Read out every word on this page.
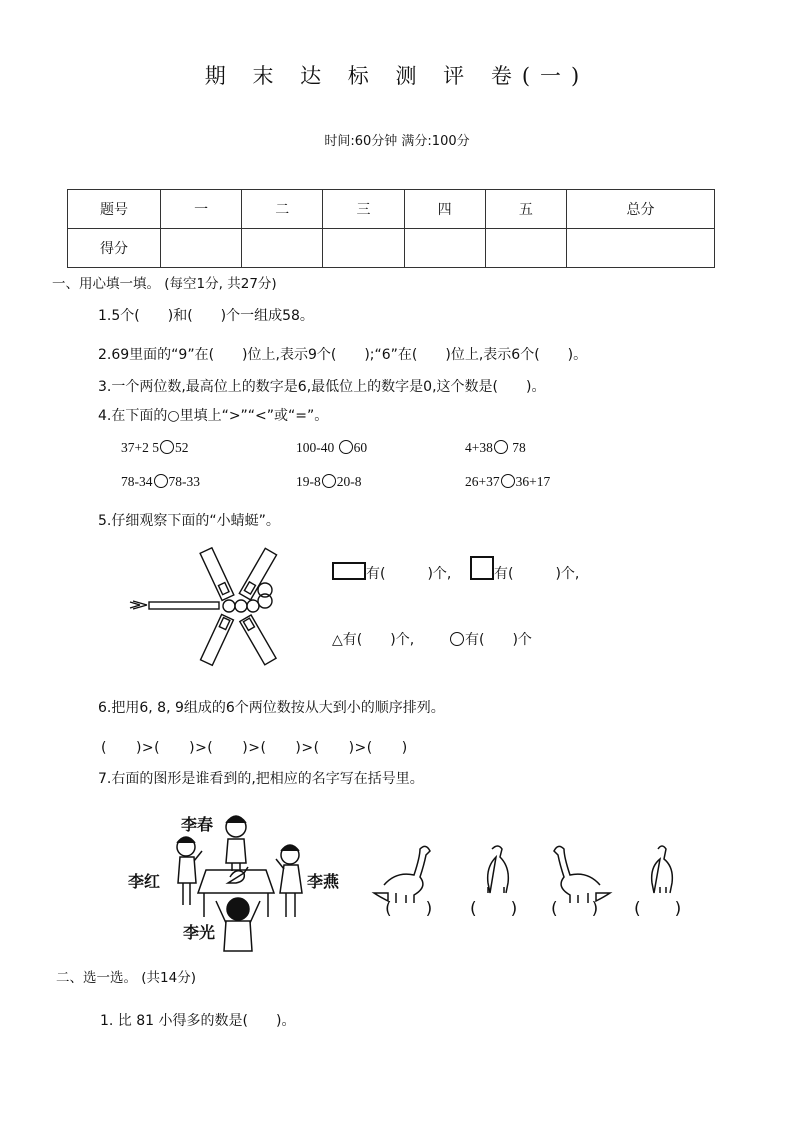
期 末 达 标 测 评 卷(一)
时间:60分钟 满分:100分
题号	一	二	三	四	五	总分
得分						
一、用心填一填。 (每空1分, 共27分)
1.5个(　　)和(　　)个一组成58。
2.69里面的“9”在(　　)位上,表示9个(　　);“6”在(　　)位上,表示6个(　　)。
3.一个两位数,最高位上的数字是6,最低位上的数字是0,这个数是(　　)。
4.在下面的○里填上“>”“<”或“=”。
37+2 5 52	100-40 60	4+38 78
78-34 78-33	19-8 20-8	26+37 36+17
5.仔细观察下面的“小蜻蜓”。
有(　　　)个,	有(　　　)个,
△有(　　)个,	有(　　)个
6.把用6, 8, 9组成的6个两位数按从大到小的顺序排列。
(　　)>(　　)>(　　)>(　　)>(　　)>(　　)
7.右面的图形是谁看到的,把相应的名字写在括号里。
李春
李红	李燕
李光
(　　) (　　) (　　) (　　)
二、选一选。 (共14分)
1. 比 81 小得多的数是(　　)。
